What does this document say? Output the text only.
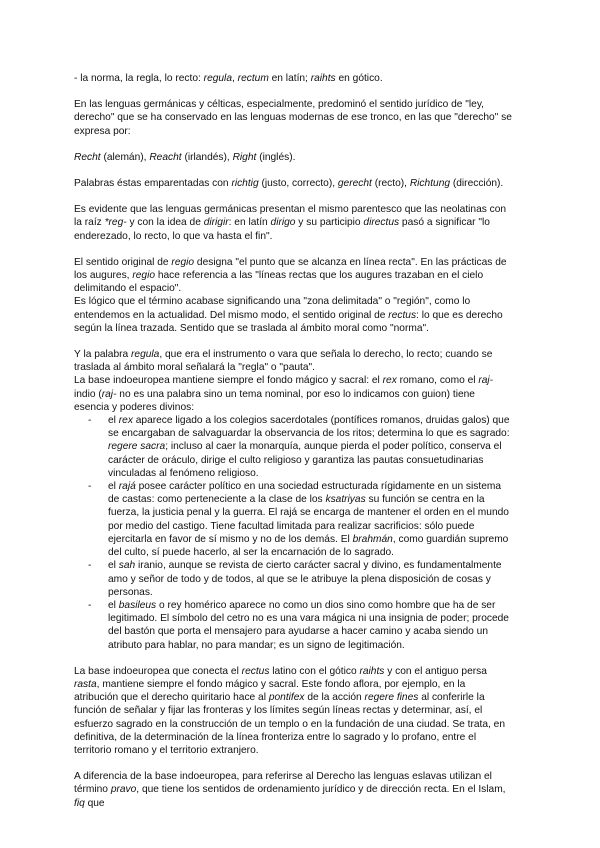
- la norma, la regla, lo recto: regula, rectum en latín; raihts en gótico.

En las lenguas germánicas y célticas, especialmente, predominó el sentido jurídico de "ley, derecho" que se ha conservado en las lenguas modernas de ese tronco, en las que "derecho" se expresa por:

Recht (alemán), Reacht (irlandés), Right (inglés).

Palabras éstas emparentadas con richtig (justo, correcto), gerecht (recto), Richtung (dirección).

Es evidente que las lenguas germánicas presentan el mismo parentesco que las neolatinas con la raíz *reg- y con la idea de dirigir: en latín dirigo y su participio directus pasó a significar "lo enderezado, lo recto, lo que va hasta el fin".

El sentido original de regio designa "el punto que se alcanza en línea recta". En las prácticas de los augures, regio hace referencia a las "líneas rectas que los augures trazaban en el cielo delimitando el espacio".

Es lógico que el término acabase significando una "zona delimitada" o "región", como lo entendemos en la actualidad. Del mismo modo, el sentido original de rectus: lo que es derecho según la línea trazada. Sentido que se traslada al ámbito moral como "norma".

Y la palabra regula, que era el instrumento o vara que señala lo derecho, lo recto; cuando se traslada al ámbito moral señalará la "regla" o "pauta".

La base indoeuropea mantiene siempre el fondo mágico y sacral: el rex romano, como el raj- indio (raj- no es una palabra sino un tema nominal, por eso lo indicamos con guion) tiene esencia y poderes divinos:

- el rex aparece ligado a los colegios sacerdotales (pontífices romanos, druidas galos) que se encargaban de salvaguardar la observancia de los ritos; determina lo que es sagrado: regere sacra; incluso al caer la monarquía, aunque pierda el poder político, conserva el carácter de oráculo, dirige el culto religioso y garantiza las pautas consuetudinarias vinculadas al fenómeno religioso.
- el rajá posee carácter político en una sociedad estructurada rígidamente en un sistema de castas: como perteneciente a la clase de los ksatriyas su función se centra en la fuerza, la justicia penal y la guerra. El rajá se encarga de mantener el orden en el mundo por medio del castigo. Tiene facultad limitada para realizar sacrificios: sólo puede ejercitarla en favor de sí mismo y no de los demás. El brahmán, como guardián supremo del culto, sí puede hacerlo, al ser la encarnación de lo sagrado.
- el sah iranio, aunque se revista de cierto carácter sacral y divino, es fundamentalmente amo y señor de todo y de todos, al que se le atribuye la plena disposición de cosas y personas.
- el basileus o rey homérico aparece no como un dios sino como hombre que ha de ser legitimado. El símbolo del cetro no es una vara mágica ni una insignia de poder; procede del bastón que porta el mensajero para ayudarse a hacer camino y acaba siendo un atributo para hablar, no para mandar; es un signo de legitimación.

La base indoeuropea que conecta el rectus latino con el gótico raihts y con el antiguo persa rasta, mantiene siempre el fondo mágico y sacral. Este fondo aflora, por ejemplo, en la atribución que el derecho quiritario hace al pontifex de la acción regere fines al conferirle la función de señalar y fijar las fronteras y los límites según líneas rectas y determinar, así, el esfuerzo sagrado en la construcción de un templo o en la fundación de una ciudad. Se trata, en definitiva, de la determinación de la línea fronteriza entre lo sagrado y lo profano, entre el territorio romano y el territorio extranjero.

A diferencia de la base indoeuropea, para referirse al Derecho las lenguas eslavas utilizan el término pravo, que tiene los sentidos de ordenamiento jurídico y de dirección recta. En el Islam, fiq que
